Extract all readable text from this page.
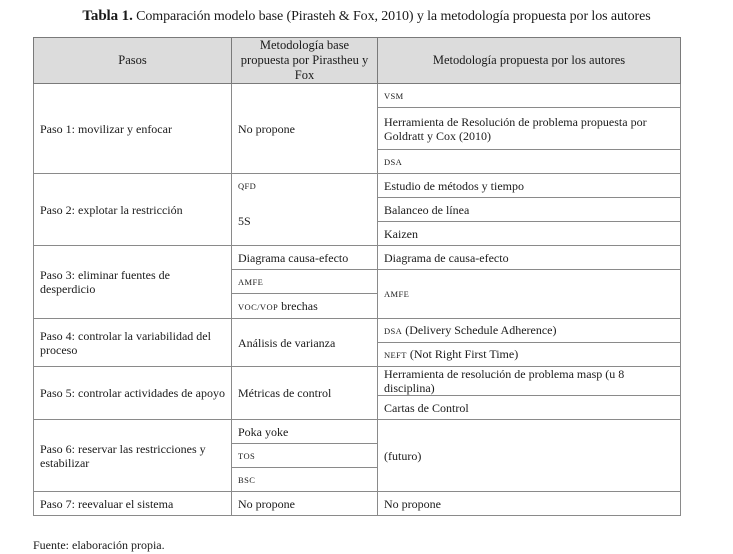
Tabla 1. Comparación modelo base (Pirasteh & Fox, 2010) y la metodología propuesta por los autores
Pasos	Metodología base propuesta por Pirastheu y Fox	Metodología propuesta por los autores
Paso 1: movilizar y enfocar	No propone	VSM
		Herramienta de Resolución de problema propuesta por Goldratt y Cox (2010)
		DSA
Paso 2: explotar la restricción	QFD	Estudio de métodos y tiempo
	5S	Balanceo de línea
		Kaizen
Paso 3: eliminar fuentes de desperdicio	Diagrama causa-efecto	Diagrama de causa-efecto
	AMFE	AMFE
	VOC/VOP brechas	
Paso 4: controlar la variabilidad del proceso	Análisis de varianza	DSA (Delivery Schedule Adherence)
		NEFT (Not Right First Time)
Paso 5: controlar actividades de apoyo	Métricas de control	Herramienta de resolución de problema masp (u 8 disciplina)
		Cartas de Control
Paso 6: reservar las restricciones y estabilizar	Poka yoke	(futuro)
	TOS	
	BSC	
Paso 7: reevaluar el sistema	No propone	No propone
Fuente: elaboración propia.
